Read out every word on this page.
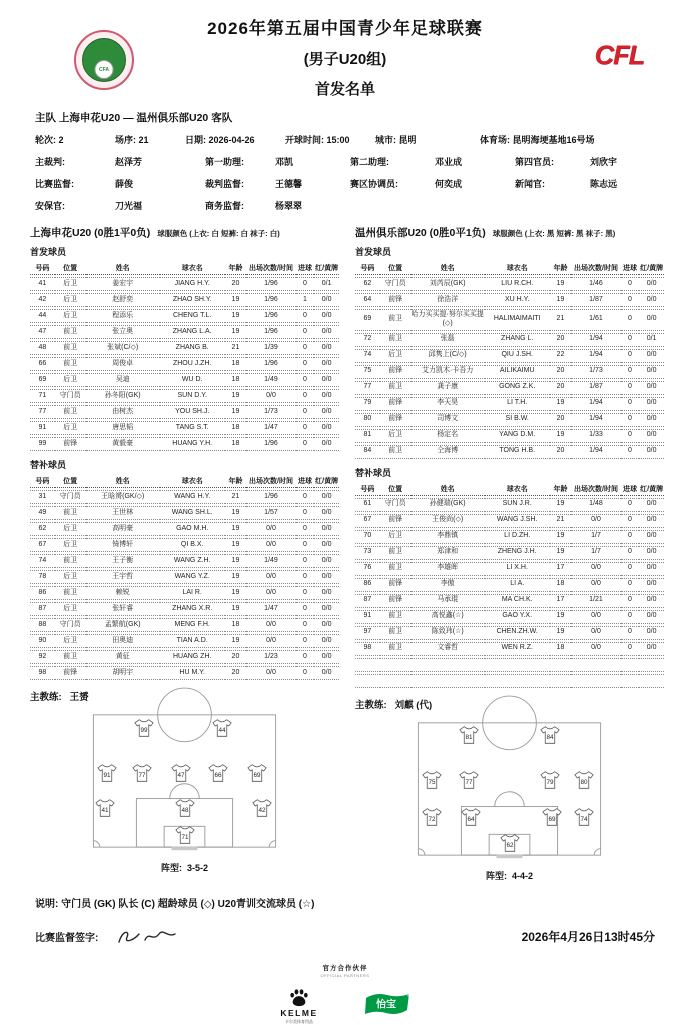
CFA
2026年第五届中国青少年足球联赛
(男子U20组)
首发名单
CFL
主队 上海申花U20 — 温州俱乐部U20 客队
轮次: 2	场序: 21	日期: 2026-04-26	开球时间: 15:00	城市: 昆明	体育场: 昆明海埂基地16号场
主裁判:	赵泽芳	第一助理:	邓凯	第二助理:	邓业成	第四官员:	刘欣宇
比赛监督:	薛俊	裁判监督:	王德馨	赛区协调员:	何奕成	新闻官:	陈志远
安保官:	刀光福	商务监督:	杨翠翠
上海申花U20 (0胜1平0负) 球服颜色 (上衣: 白 短裤: 白 袜子: 白)
首发球员
号码	位置	姓名	球衣名	年龄	出场次数/时间	进球	红/黄牌
41	后卫	姜宏宇	JIANG H.Y.	20	1/96	0	0/1
42	后卫	赵舒奕	ZHAO SH.Y.	19	1/96	1	0/0
44	后卫	程添乐	CHENG T.L.	19	1/96	0	0/0
47	前卫	张立奥	ZHANG L.A.	19	1/96	0	0/0
48	前卫	张斌(C/◇)	ZHANG B.	21	1/39	0	0/0
66	前卫	周俊卓	ZHOU J.ZH.	18	1/96	0	0/0
69	后卫	吴迪	WU D.	18	1/49	0	0/0
71	守门员	孙冬阳(GK)	SUN D.Y.	19	0/0	0	0/0
77	前卫	由树杰	YOU SH.J.	19	1/73	0	0/0
91	后卫	唐思韬	TANG S.T.	18	1/47	0	0/0
99	前锋	黄毅豪	HUANG Y.H.	18	1/96	0	0/0
替补球员
号码	位置	姓名	球衣名	年龄	出场次数/时间	进球	红/黄牌
31	守门员	王晗赟(GK/◇)	WANG H.Y.	21	1/96	0	0/0
49	前卫	王世林	WANG SH.L.	19	1/57	0	0/0
62	后卫	高明豪	GAO M.H.	19	0/0	0	0/0
67	后卫	锜博轩	QI B.X.	19	0/0	0	0/0
74	前卫	王子衡	WANG Z.H.	19	1/49	0	0/0
78	后卫	王宇哲	WANG Y.Z.	19	0/0	0	0/0
86	前卫	赖锐	LAI R.	19	0/0	0	0/0
87	后卫	张轩睿	ZHANG X.R.	19	1/47	0	0/0
88	守门员	孟繁航(GK)	MENG F.H.	18	0/0	0	0/0
90	后卫	田奥迪	TIAN A.D.	19	0/0	0	0/0
92	前卫	黄征	HUANG ZH.	20	1/23	0	0/0
98	前锋	胡明宇	HU M.Y.	20	0/0	0	0/0
主教练: 王赟
99	44
91	77	47	66	69
41	48	42
71
阵型: 3-5-2
温州俱乐部U20 (0胜0平1负) 球服颜色 (上衣: 黑 短裤: 黑 袜子: 黑)
首发球员
号码	位置	姓名	球衣名	年龄	出场次数/时间	进球	红/黄牌
62	守门员	刘芮辰(GK)	LIU R.CH.	19	1/46	0	0/0
64	前锋	徐浩洋	XU H.Y.	19	1/87	0	0/0
69	前卫	哈力买买提·努尔买买提(◇)	HALIMAIMAITI	21	1/61	0	0/0
72	前卫	张磊	ZHANG L.	20	1/94	0	0/1
74	后卫	邱隽上(C/◇)	QIU J.SH.	22	1/94	0	0/0
75	前锋	艾力凯木·卡吾力	AILIKAIMU	20	1/73	0	0/0
77	前卫	龚子康	GONG Z.K.	20	1/87	0	0/0
79	前锋	李天昊	LI T.H.	19	1/94	0	0/0
80	前锋	司博文	SI B.W.	20	1/94	0	0/0
81	后卫	杨定名	YANG D.M.	19	1/33	0	0/0
84	前卫	仝海博	TONG H.B.	20	1/94	0	0/0
替补球员
号码	位置	姓名	球衣名	年龄	出场次数/时间	进球	红/黄牌
61	守门员	孙健瑞(GK)	SUN J.R.	19	1/48	0	0/0
67	前锋	王俊尚(◇)	WANG J.SH.	21	0/0	0	0/0
70	后卫	李鼎镇	LI D.ZH.	19	1/7	0	0/0
73	前卫	郑津和	ZHENG J.H.	19	1/7	0	0/0
76	前卫	李雄晖	LI X.H.	17	0/0	0	0/0
86	前锋	李傲	LI A.	18	0/0	0	0/0
87	前锋	马承琨	MA CH.K.	17	1/21	0	0/0
91	前卫	高悦鑫(☆)	GAO Y.X.	19	0/0	0	0/0
97	前卫	陈致玮(☆)	CHEN.ZH.W.	19	0/0	0	0/0
98	前卫	文睿哲	WEN R.Z.	18	0/0	0	0/0

主教练: 刘麒 (代)
81	84
75	77	79	80
72	64	69	74
62
阵型: 4-4-2
说明: 守门员 (GK) 队长 (C) 超龄球员 (◇) U20青训交流球员 (☆)
比赛监督签字:	2026年4月26日13时45分
官方合作伙伴
OFFICIAL PARTNERS
KELME
卡尔美体育用品
怡宝
®
